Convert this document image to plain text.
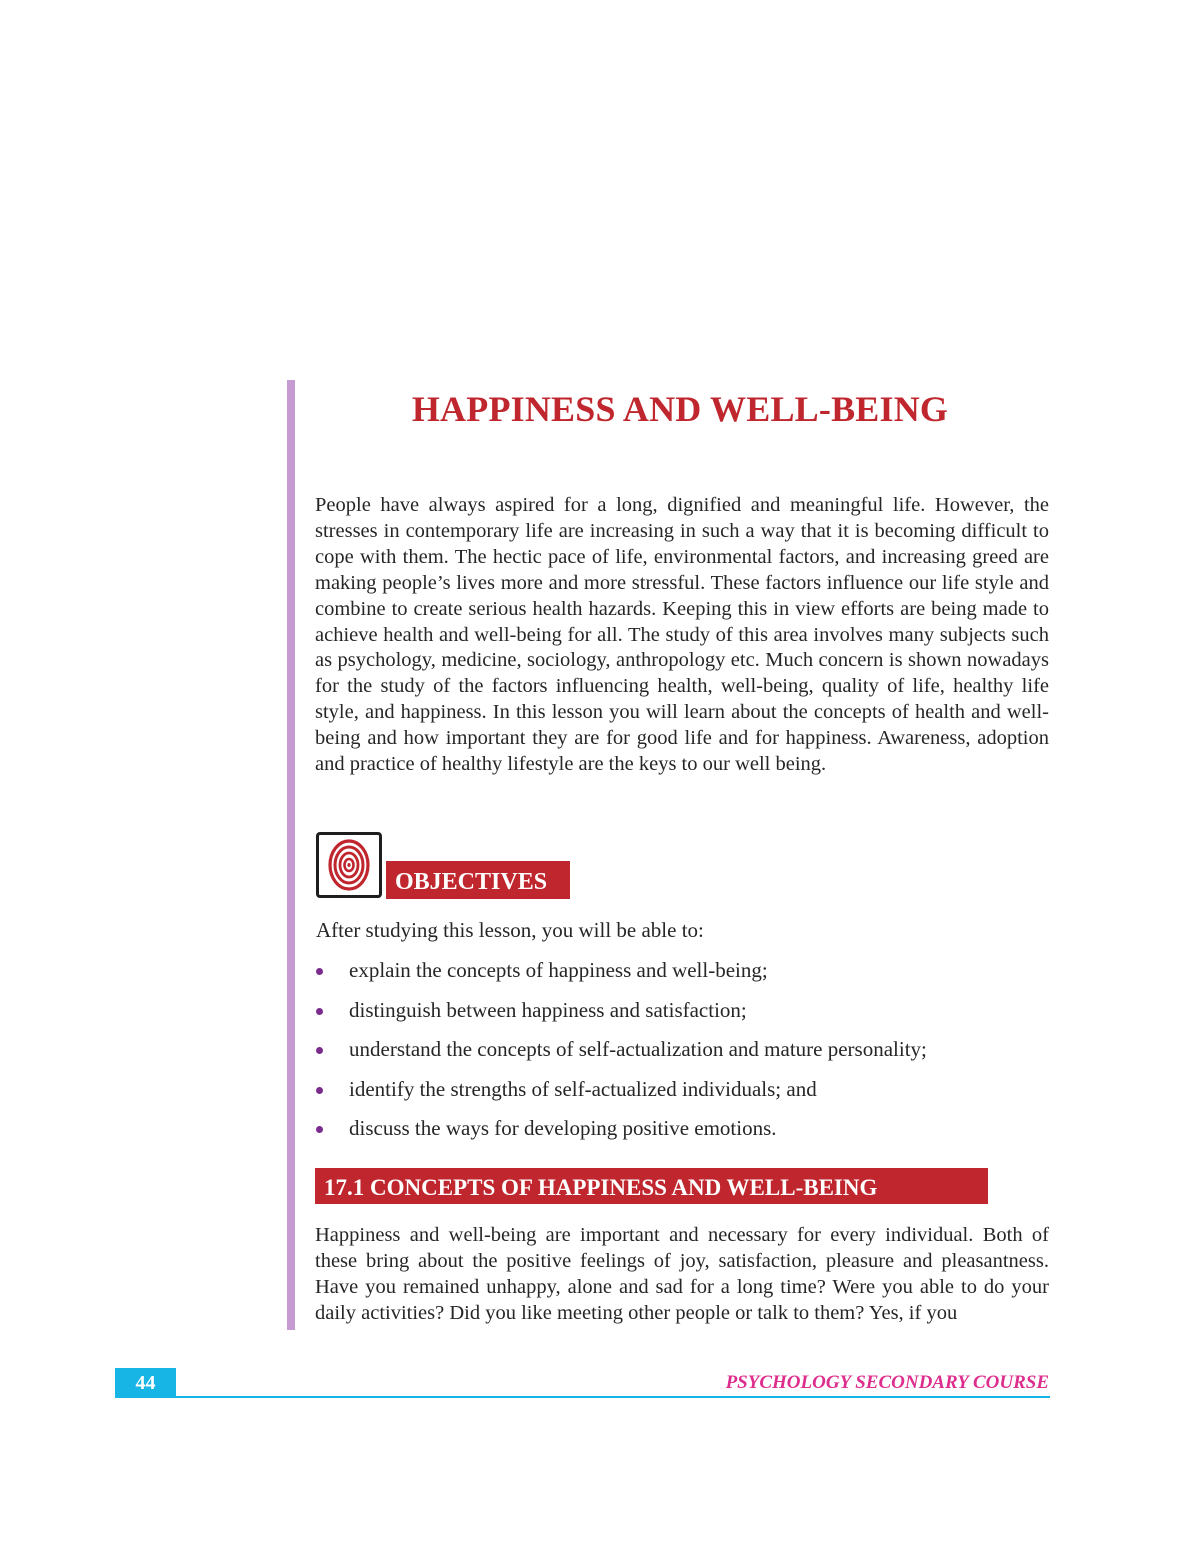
HAPPINESS AND WELL-BEING

People have always aspired for a long, dignified and meaningful life. However, the stresses in contemporary life are increasing in such a way that it is becoming difficult to cope with them. The hectic pace of life, environmental factors, and increasing greed are making people’s lives more and more stressful. These factors influence our life style and combine to create serious health hazards. Keeping this in view efforts are being made to achieve health and well-being for all. The study of this area involves many subjects such as psychology, medicine, sociology, anthropology etc. Much concern is shown nowadays for the study of the factors influencing health, well-being, quality of life, healthy life style, and happiness. In this lesson you will learn about the concepts of health and well-being and how important they are for good life and for happiness. Awareness, adoption and practice of healthy lifestyle are the keys to our well being.

OBJECTIVES

After studying this lesson, you will be able to:

explain the concepts of happiness and well-being;
distinguish between happiness and satisfaction;
understand the concepts of self-actualization and mature personality;
identify the strengths of self-actualized individuals; and
discuss the ways for developing positive emotions.
17.1 CONCEPTS OF HAPPINESS AND WELL-BEING

Happiness and well-being are important and necessary for every individual. Both of these bring about the positive feelings of joy, satisfaction, pleasure and pleasantness. Have you remained unhappy, alone and sad for a long time? Were you able to do your daily activities? Did you like meeting other people or talk to them? Yes, if you

44	PSYCHOLOGY SECONDARY COURSE
